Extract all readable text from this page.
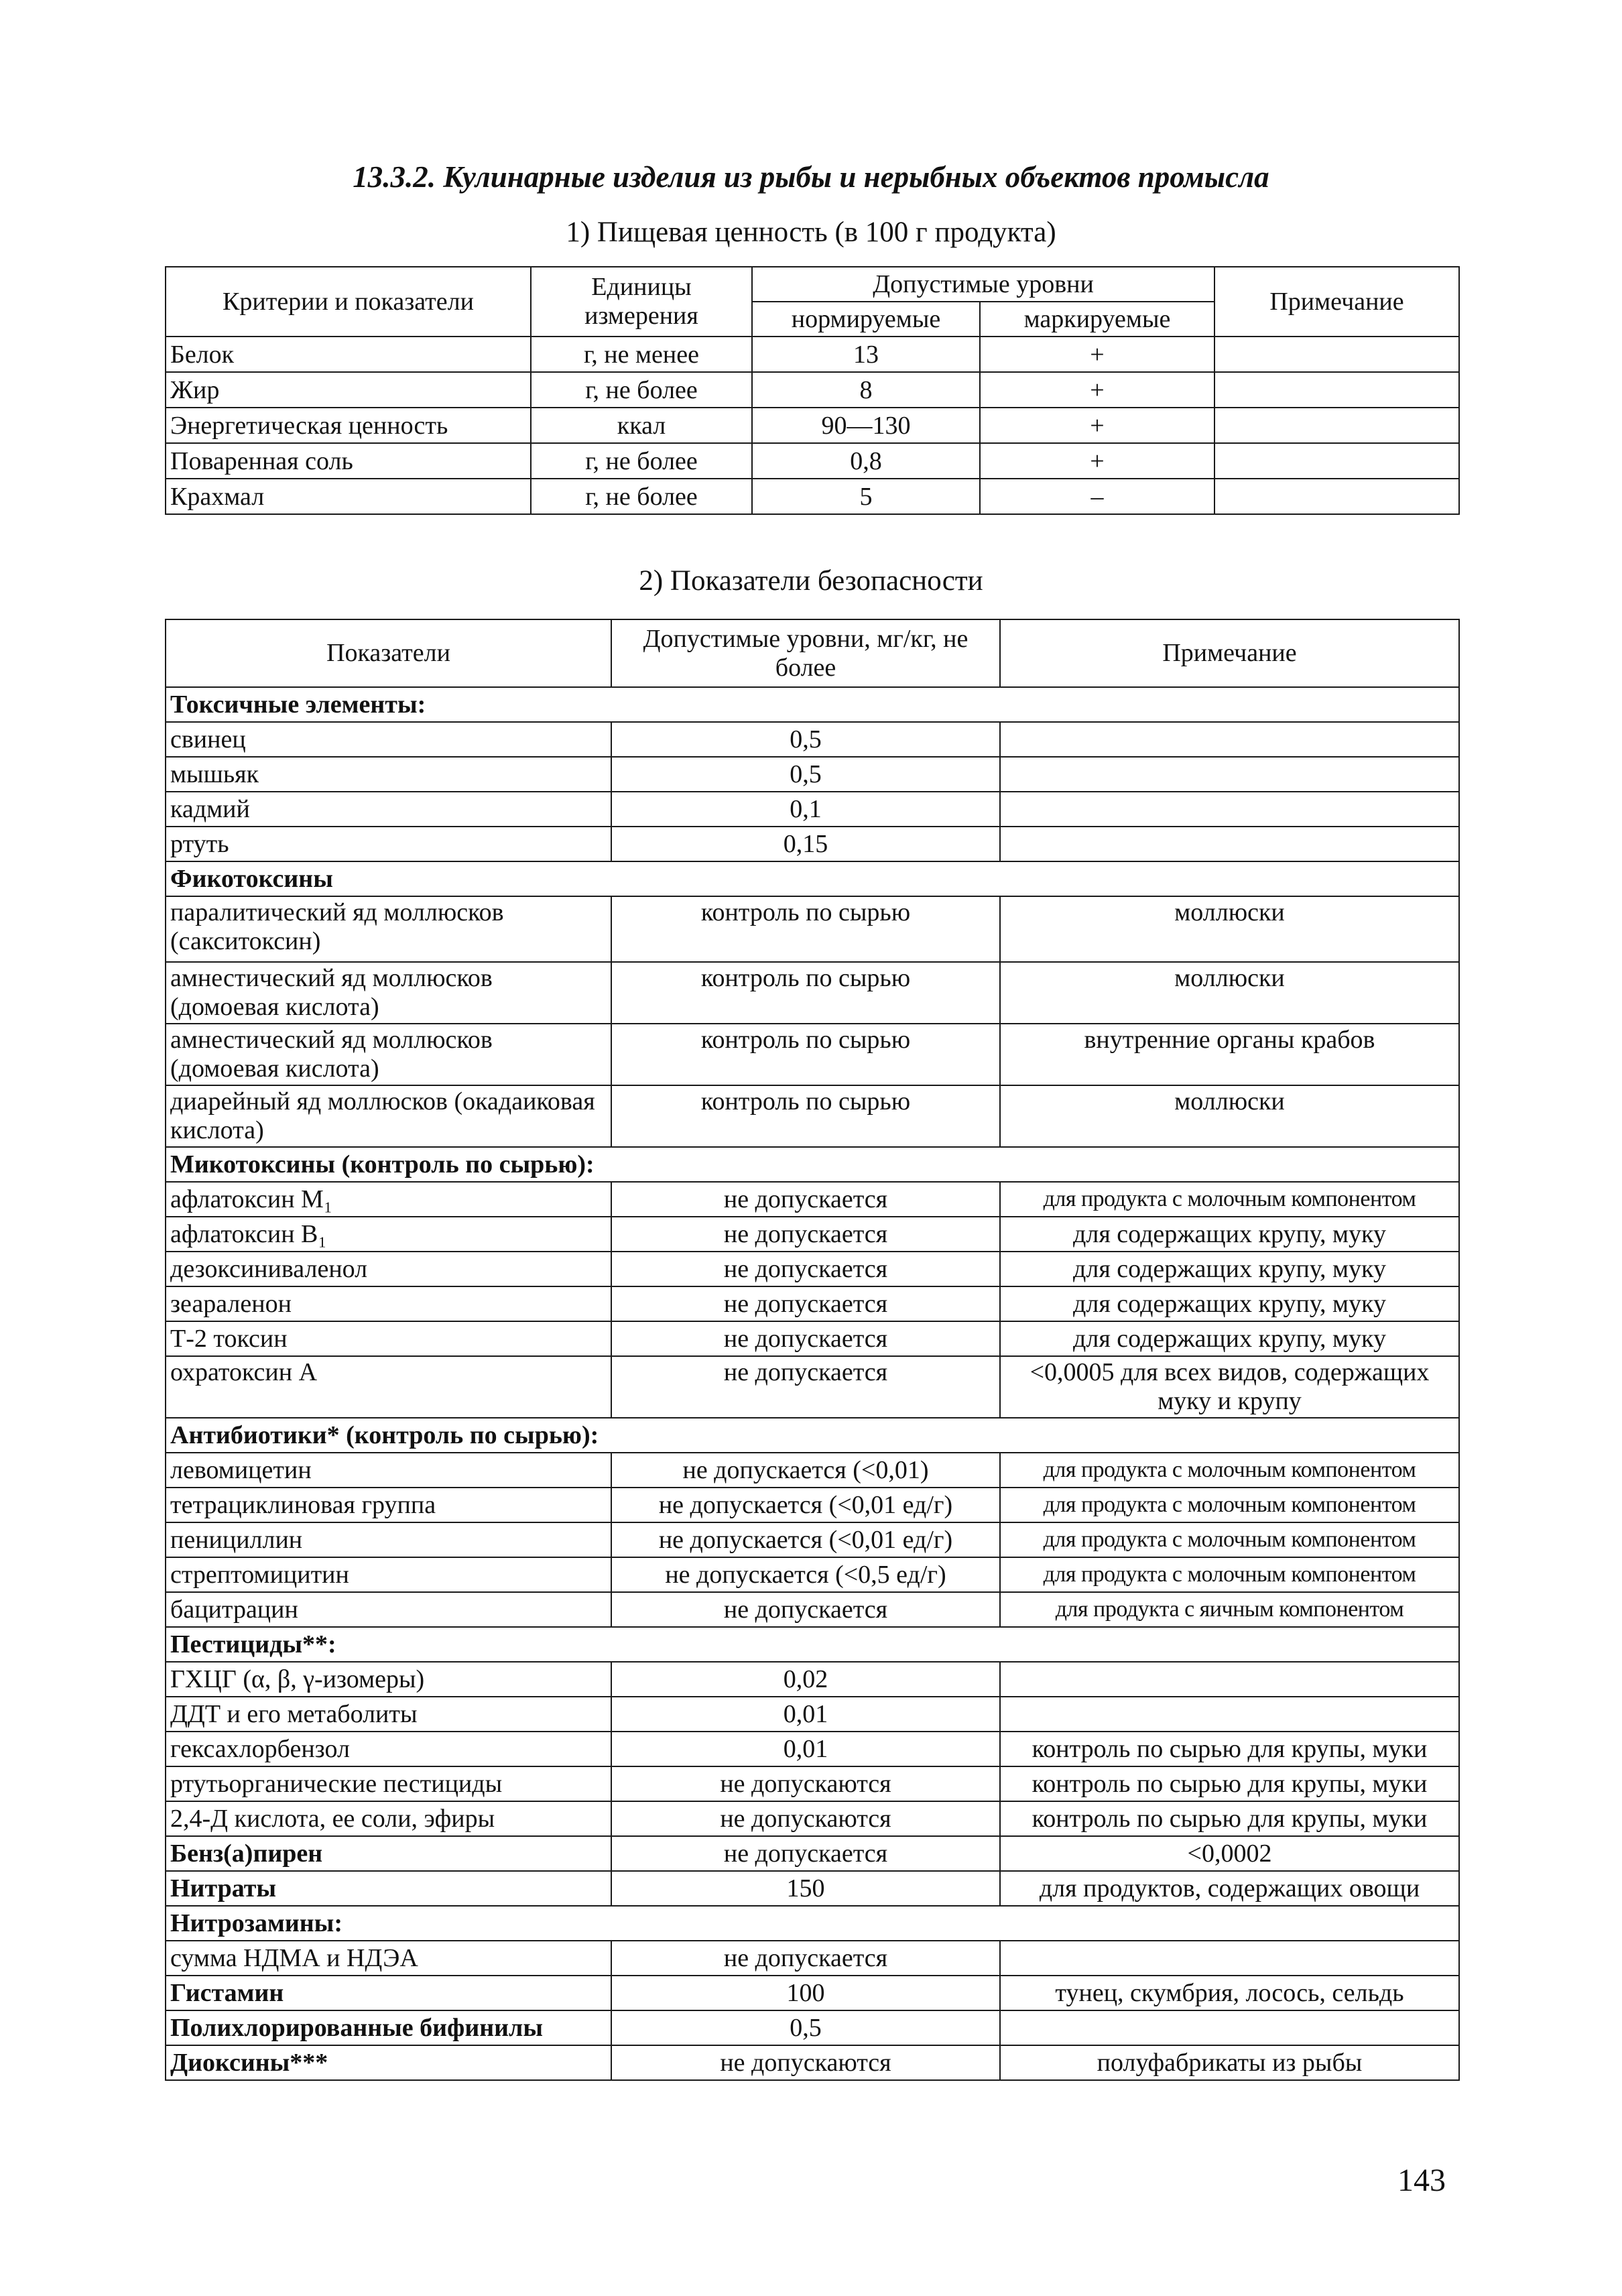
13.3.2. Кулинарные изделия из рыбы и нерыбных объектов промысла
1) Пищевая ценность (в 100 г продукта)
Критерии и показатели	Единицы измерения	Допустимые уровни		Примечание
		нормируемые	маркируемые	
Белок	г, не менее	13	+	
Жир	г, не более	8	+	
Энергетическая ценность	ккал	90—130	+	
Поваренная соль	г, не более	0,8	+	
Крахмал	г, не более	5	–	
2) Показатели безопасности
Показатели	Допустимые уровни, мг/кг, не более	Примечание
Токсичные элементы:		
свинец	0,5	
мышьяк	0,5	
кадмий	0,1	
ртуть	0,15	
Фикотоксины		
паралитический яд моллюсков (сакситоксин)	контроль по сырью	моллюски
амнестический яд моллюсков (домоевая кислота)	контроль по сырью	моллюски
амнестический яд моллюсков (домоевая кислота)	контроль по сырью	внутренние органы крабов
диарейный яд моллюсков (окадаиковая кислота)	контроль по сырью	моллюски
Микотоксины (контроль по сырью):		
афлатоксин M₁	не допускается	для продукта с молочным компонентом
афлатоксин B₁	не допускается	для содержащих крупу, муку
дезоксиниваленол	не допускается	для содержащих крупу, муку
зеараленон	не допускается	для содержащих крупу, муку
Т-2 токсин	не допускается	для содержащих крупу, муку
охратоксин А	не допускается	<0,0005 для всех видов, содержащих муку и крупу
Антибиотики* (контроль по сырью):		
левомицетин	не допускается (<0,01)	для продукта с молочным компонентом
тетрациклиновая группа	не допускается (<0,01 ед/г)	для продукта с молочным компонентом
пенициллин	не допускается (<0,01 ед/г)	для продукта с молочным компонентом
стрептомицитин	не допускается (<0,5 ед/г)	для продукта с молочным компонентом
бацитрацин	не допускается	для продукта с яичным компонентом
Пестициды**:		
ГХЦГ (α, β, γ-изомеры)	0,02	
ДДТ и его метаболиты	0,01	
гексахлорбензол	0,01	контроль по сырью для крупы, муки
ртутьорганические пестициды	не допускаются	контроль по сырью для крупы, муки
2,4-Д кислота, ее соли, эфиры	не допускаются	контроль по сырью для крупы, муки
Бенз(а)пирен	не допускается	<0,0002
Нитраты	150	для продуктов, содержащих овощи
Нитрозамины:		
сумма НДМА и НДЭА	не допускается	
Гистамин	100	тунец, скумбрия, лосось, сельдь
Полихлорированные бифинилы	0,5	
Диоксины***	не допускаются	полуфабрикаты из рыбы
143
